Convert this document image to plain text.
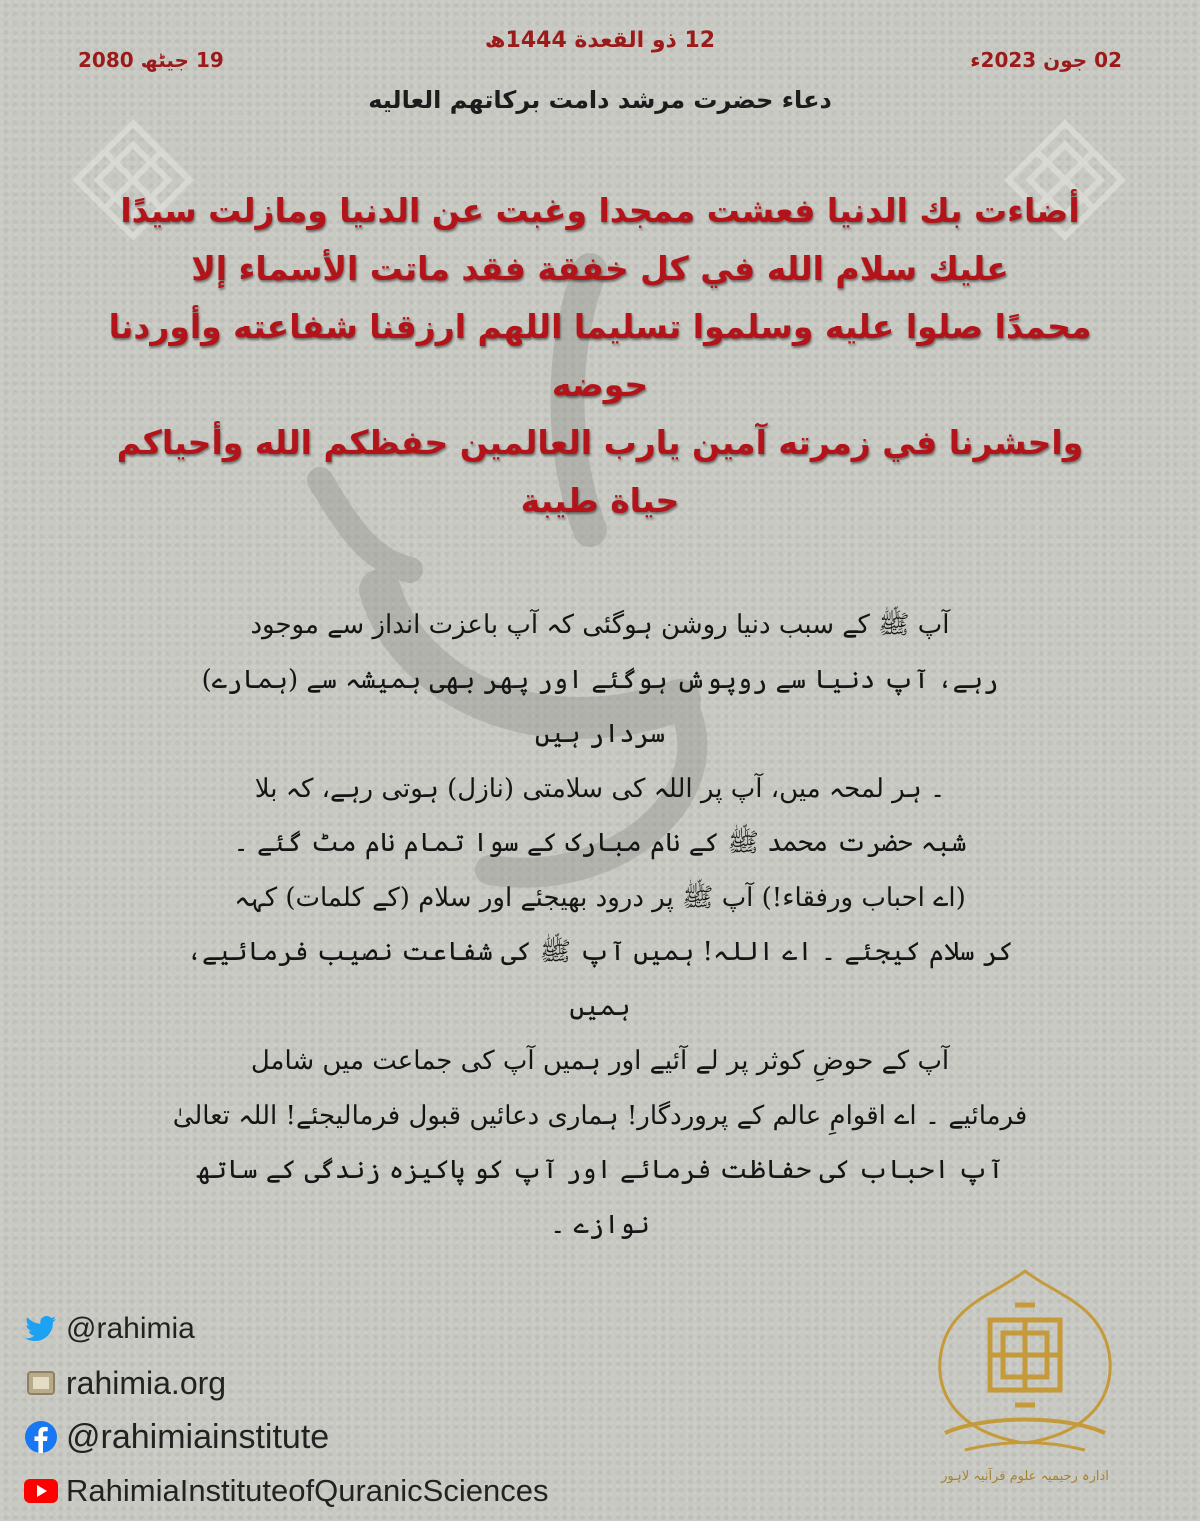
12 ذو القعدة 1444ھ
19 جیٹھ 2080	02 جون 2023ء
دعاء حضرت مرشد دامت برکاتهم العالیه
أضاءت بك الدنيا فعشت ممجدا وغبت عن الدنيا ومازلت سيدًا
عليك سلام الله في كل خفقة فقد ماتت الأسماء إلا
محمدًا صلوا عليه وسلموا تسليما اللهم ارزقنا شفاعته وأوردنا حوضه
واحشرنا في زمرته آمين يارب العالمين حفظكم الله وأحياكم
حياة طيبة
آپ ﷺ کے سبب دنیا روشن ہوگئی کہ آپ باعزت انداز سے موجود
رہے، آپ دنیا سے روپوش ہوگئے اور پھر بھی ہمیشہ سے (ہمارے) سردار ہیں
۔ ہر لمحہ میں، آپ پر اللہ کی سلامتی (نازل) ہوتی رہے، کہ بلا
شبہ حضرت محمد ﷺ کے نام مبارک کے سوا تمام نام مٹ گئے ۔
(اے احباب ورفقاء!) آپ ﷺ پر درود بھیجئے اور سلام (کے کلمات) کہہ
کر سلام کیجئے ۔ اے اللہ! ہمیں آپ ﷺ کی شفاعت نصیب فرمائیے، ہمیں
آپ کے حوضِ کوثر پر لے آئیے اور ہمیں آپ کی جماعت میں شامل
فرمائیے ۔ اے اقوامِ عالم کے پروردگار! ہماری دعائیں قبول فرمالیجئے! اللہ تعالیٰ
آپ احباب کی حفاظت فرمائے اور آپ کو پاکیزہ زندگی کے ساتھ نوازے ۔
@rahimia
rahimia.org
@rahimiainstitute
RahimiaInstituteofQuranicSciences	ادارہ رحیمیہ علوم قرآنیہ لاہور
